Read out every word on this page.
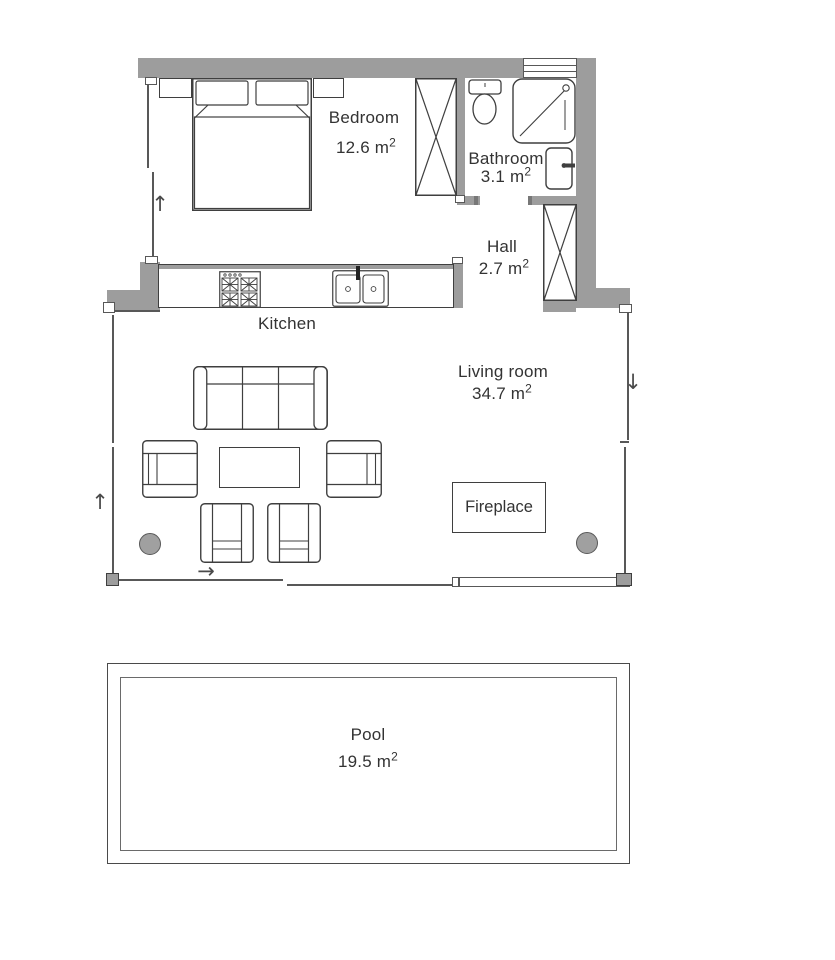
Fireplace
↑
↑
↓
→
Bedroom
12.6 $m^2$
Bathroom
3.1 $m^2$
Hall
2.7 $m^2$
Kitchen
Living room
34.7 $m^2$
Pool
19.5 $m^2$
